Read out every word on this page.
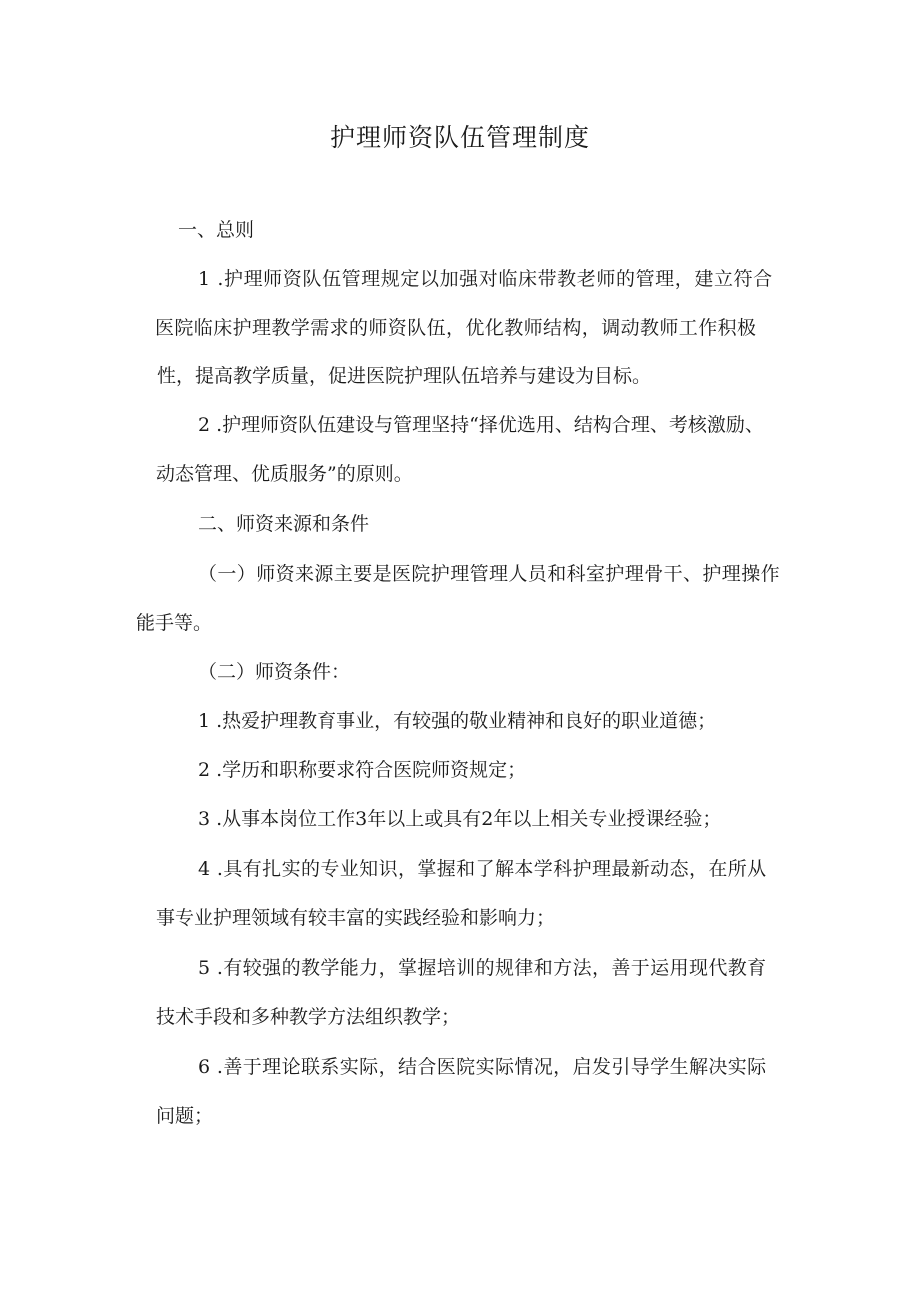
护理师资队伍管理制度
一、总则
1 .护理师资队伍管理规定以加强对临床带教老师的管理，建立符合
医院临床护理教学需求的师资队伍，优化教师结构，调动教师工作积极
性，提高教学质量，促进医院护理队伍培养与建设为目标。
2 .护理师资队伍建设与管理坚持“择优选用、结构合理、考核激励、
动态管理、优质服务”的原则。
二、师资来源和条件
（一）师资来源主要是医院护理管理人员和科室护理骨干、护理操作
能手等。
（二）师资条件：
1 .热爱护理教育事业，有较强的敬业精神和良好的职业道德；
2 .学历和职称要求符合医院师资规定；
3 .从事本岗位工作3年以上或具有2年以上相关专业授课经验；
4 .具有扎实的专业知识，掌握和了解本学科护理最新动态，在所从
事专业护理领域有较丰富的实践经验和影响力；
5 .有较强的教学能力，掌握培训的规律和方法，善于运用现代教育
技术手段和多种教学方法组织教学；
6 .善于理论联系实际，结合医院实际情况，启发引导学生解决实际
问题；
